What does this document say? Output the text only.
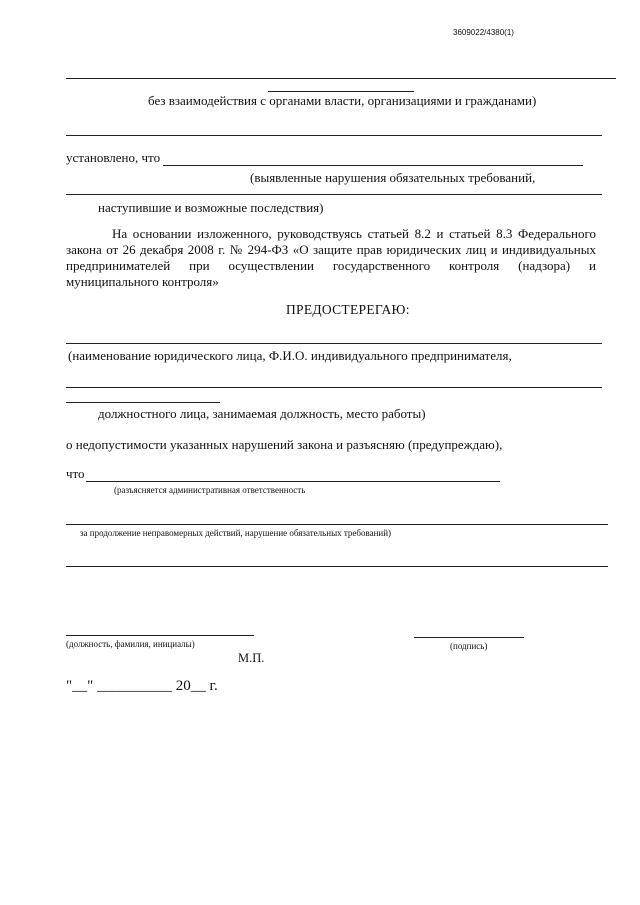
3609022/4380(1)
без взаимодействия с органами власти, организациями и гражданами)
установлено, что
(выявленные нарушения обязательных требований,
наступившие и возможные последствия)
На основании изложенного, руководствуясь статьей 8.2 и статьей 8.3 Федерального закона от 26 декабря 2008 г. № 294-ФЗ «О защите прав юридических лиц и индивидуальных предпринимателей при осуществлении государственного контроля (надзора) и муниципального контроля»
ПРЕДОСТЕРЕГАЮ:
(наименование юридического лица, Ф.И.О. индивидуального предпринимателя,
должностного лица, занимаемая должность, место работы)
о недопустимости указанных нарушений закона и разъясняю (предупреждаю),
что
(разъясняется административная ответственность
за продолжение неправомерных действий, нарушение обязательных требований)
(должность, фамилия, инициалы)	(подпись)
М.П.
"__" __________ 20__ г.
